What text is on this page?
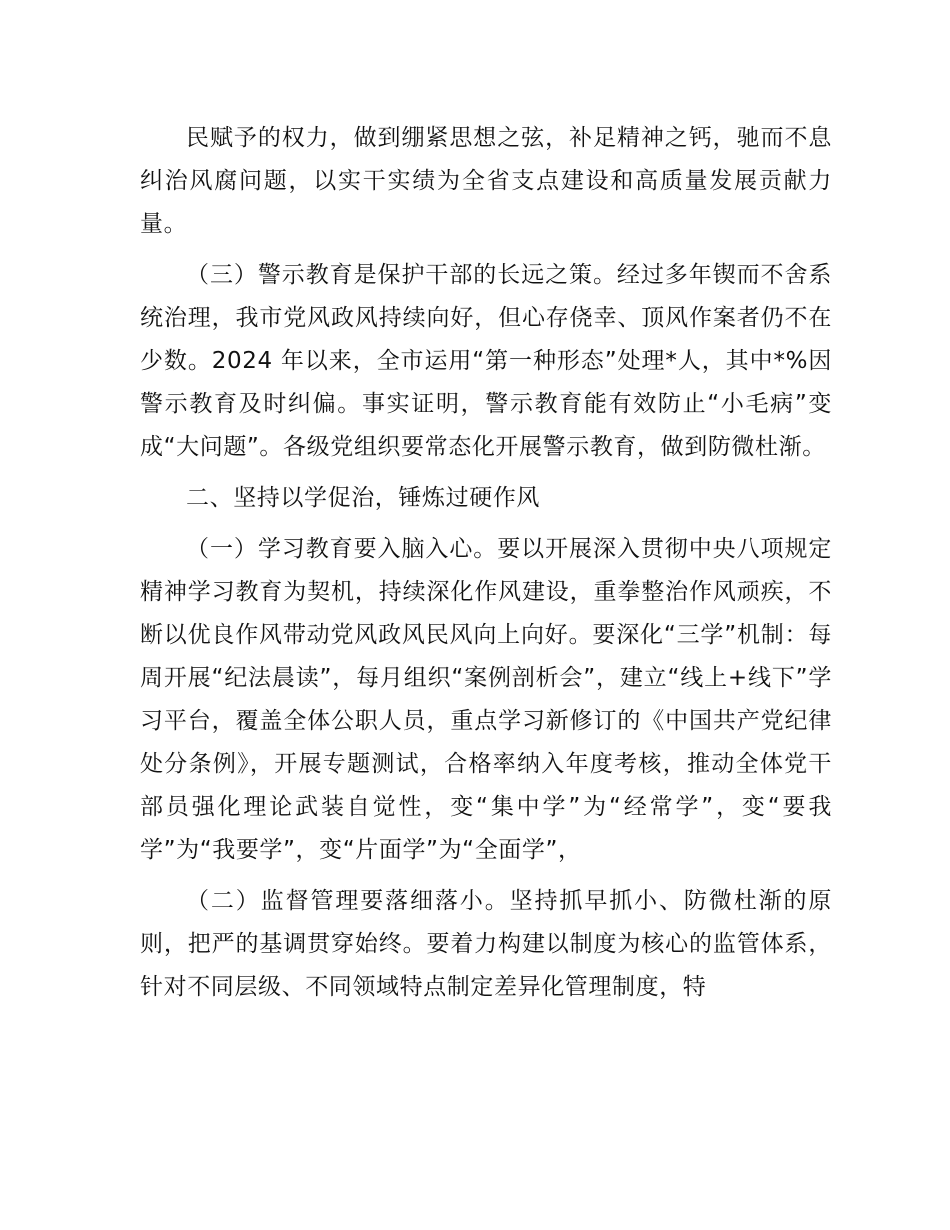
民赋予的权力，做到绷紧思想之弦，补足精神之钙，驰而不息纠治风腐问题，以实干实绩为全省支点建设和高质量发展贡献力量。

（三）警示教育是保护干部的长远之策。经过多年锲而不舍系统治理，我市党风政风持续向好，但心存侥幸、顶风作案者仍不在少数。2024 年以来，全市运用“第一种形态”处理*人，其中*%因警示教育及时纠偏。事实证明，警示教育能有效防止“小毛病”变成“大问题”。各级党组织要常态化开展警示教育，做到防微杜渐。

二、坚持以学促治，锤炼过硬作风

（一）学习教育要入脑入心。要以开展深入贯彻中央八项规定精神学习教育为契机，持续深化作风建设，重拳整治作风顽疾，不断以优良作风带动党风政风民风向上向好。要深化“三学”机制：每周开展“纪法晨读”，每月组织“案例剖析会”，建立“线上+线下”学习平台，覆盖全体公职人员，重点学习新修订的《中国共产党纪律处分条例》，开展专题测试，合格率纳入年度考核，推动全体党干部员强化理论武装自觉性，变“集中学”为“经常学”，变“要我学”为“我要学”，变“片面学”为“全面学”，

（二）监督管理要落细落小。坚持抓早抓小、防微杜渐的原则，把严的基调贯穿始终。要着力构建以制度为核心的监管体系，针对不同层级、不同领域特点制定差异化管理制度，特
